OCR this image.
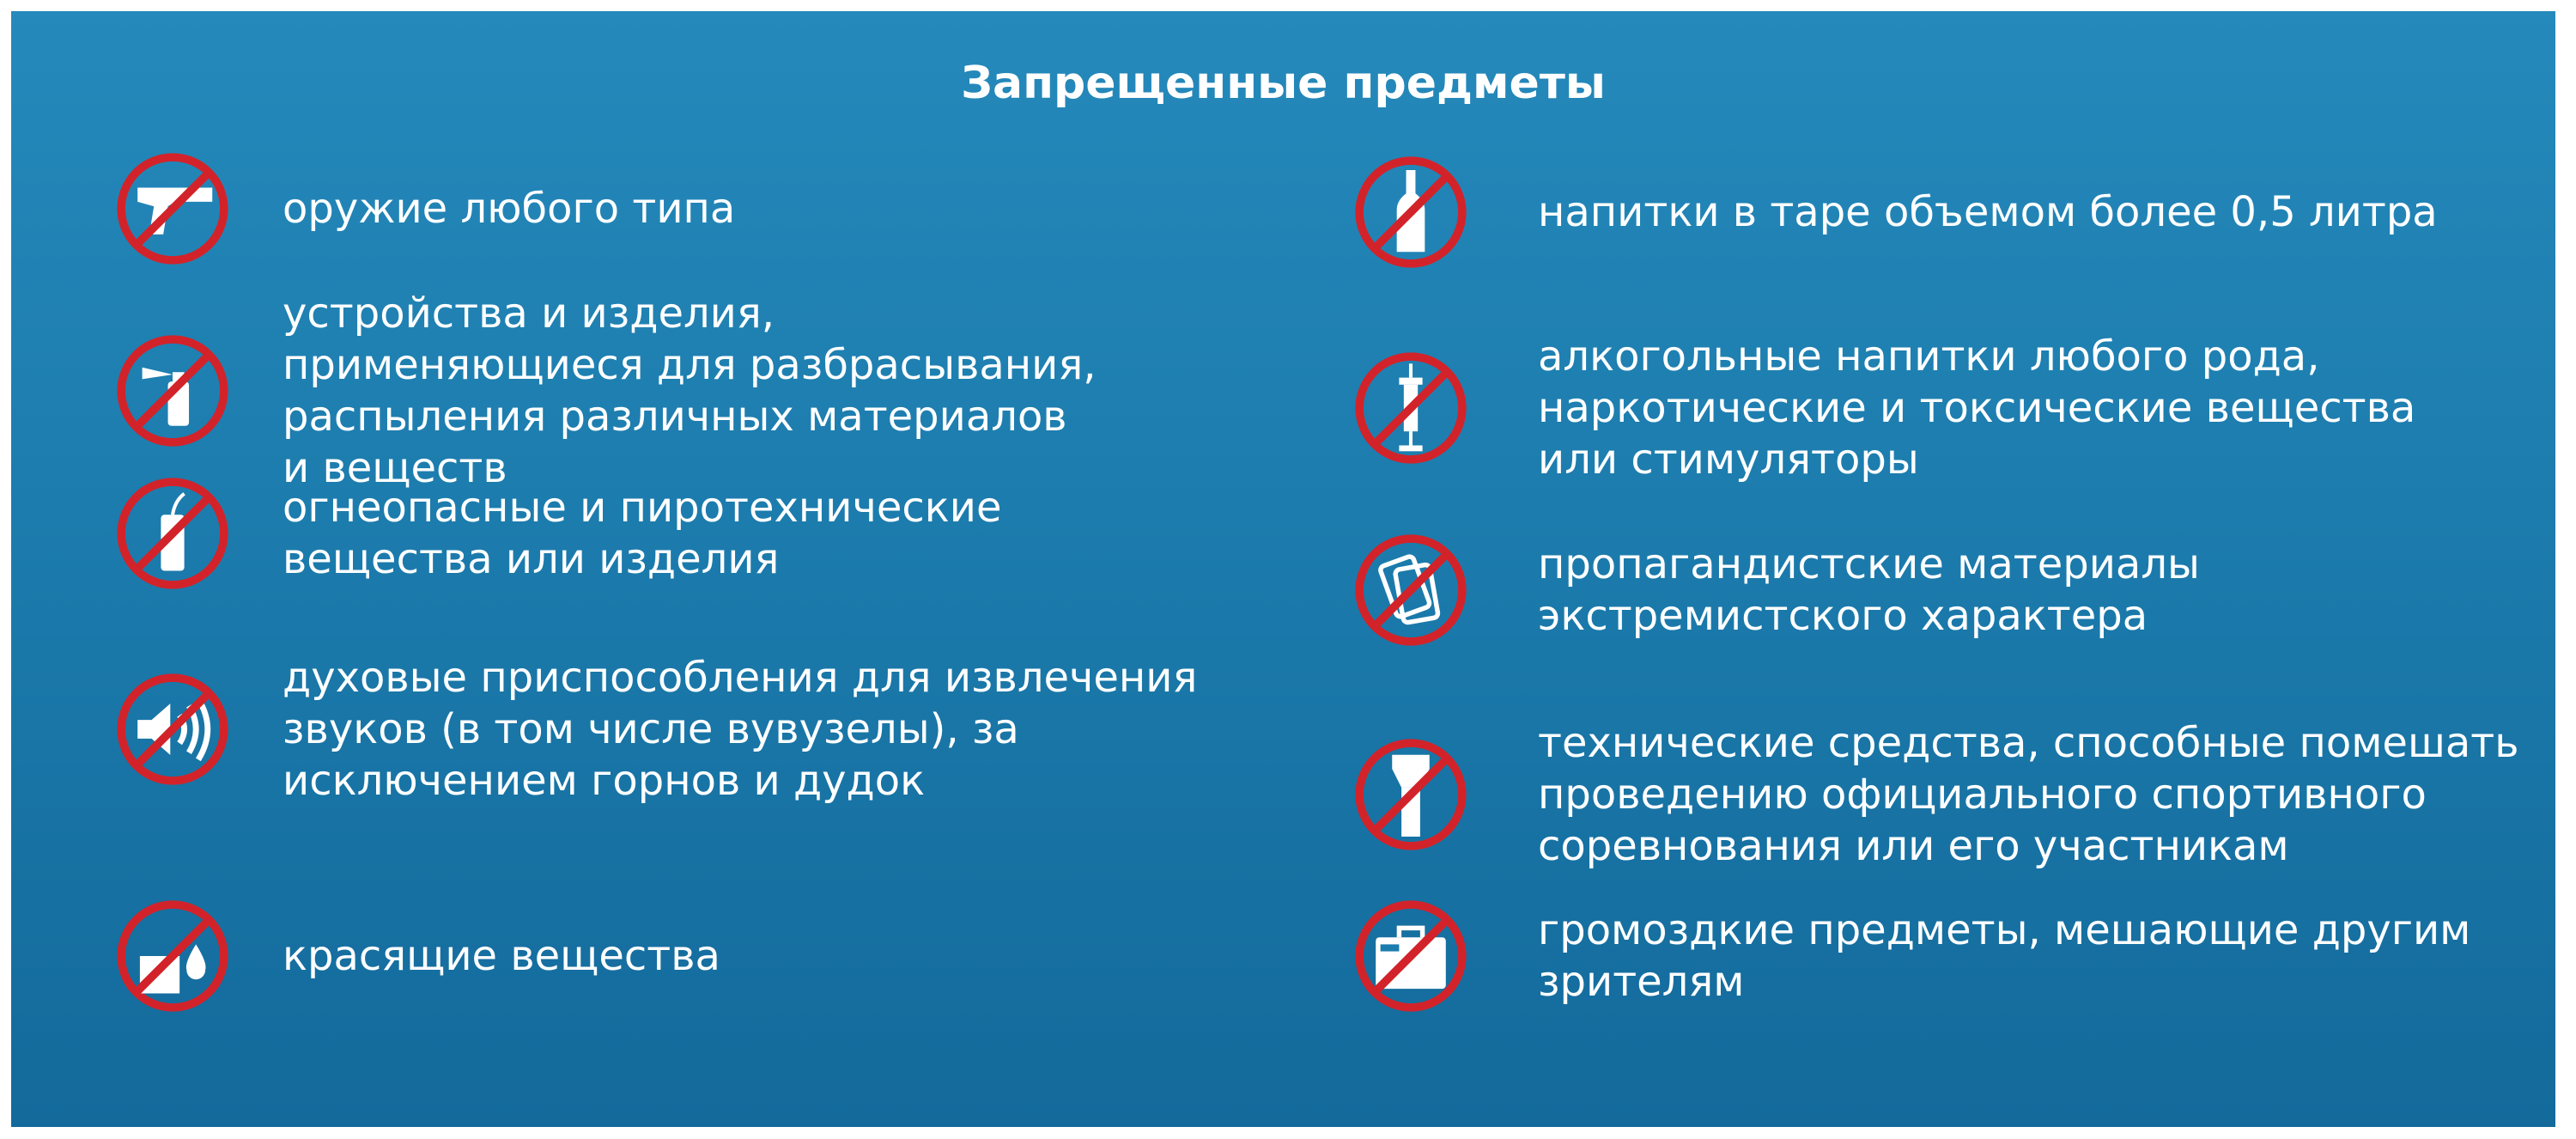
Запрещенные предметы
оружие любого типа
устройства и изделия,
применяющиеся для разбрасывания,
распыления различных материалов
и веществ
огнеопасные и пиротехнические
вещества или изделия
духовые приспособления для извлечения
звуков (в том числе вувузелы), за
исключением горнов и дудок
красящие вещества
напитки в таре объемом более 0,5 литра
алкогольные напитки любого рода,
наркотические и токсические вещества
или стимуляторы
пропагандистские материалы
экстремистского характера
технические средства, способные помешать
проведению официального спортивного
соревнования или его участникам
громоздкие предметы, мешающие другим
зрителям
